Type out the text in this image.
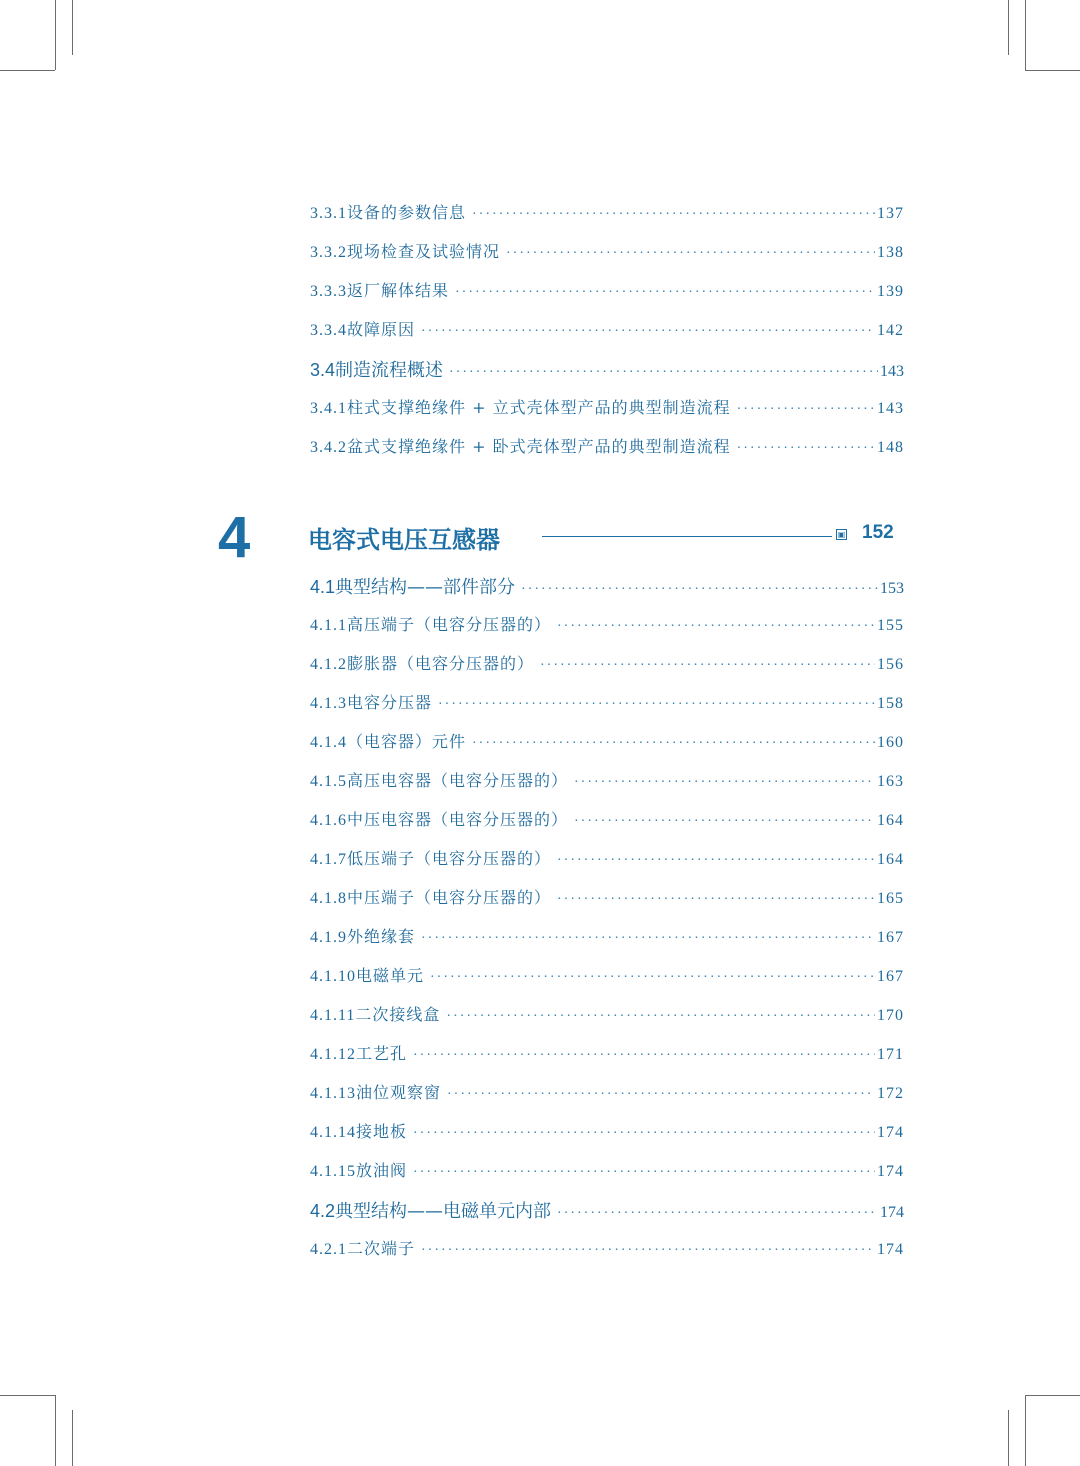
3.3.1 设备的参数信息 ·····	137
3.3.2 现场检查及试验情况 ·····	138
3.3.3 返厂解体结果 ·····	139
3.3.4 故障原因 ·····	142
3.4 制造流程概述 ·····	143
3.4.1 柱式支撑绝缘件 + 立式壳体型产品的典型制造流程 ·····	143
3.4.2 盆式支撑绝缘件 + 卧式壳体型产品的典型制造流程 ·····	148
4 电容式电压互感器	▣ 152
4.1 典型结构——部件部分 ·····	153
4.1.1 高压端子（电容分压器的） ·····	155
4.1.2 膨胀器（电容分压器的） ·····	156
4.1.3 电容分压器 ·····	158
4.1.4 （电容器）元件 ·····	160
4.1.5 高压电容器（电容分压器的） ·····	163
4.1.6 中压电容器（电容分压器的） ·····	164
4.1.7 低压端子（电容分压器的） ·····	164
4.1.8 中压端子（电容分压器的） ·····	165
4.1.9 外绝缘套 ·····	167
4.1.10 电磁单元 ·····	167
4.1.11 二次接线盒 ·····	170
4.1.12 工艺孔 ·····	171
4.1.13 油位观察窗 ·····	172
4.1.14 接地板 ·····	174
4.1.15 放油阀 ·····	174
4.2 典型结构——电磁单元内部 ·····	174
4.2.1 二次端子 ·····	174
